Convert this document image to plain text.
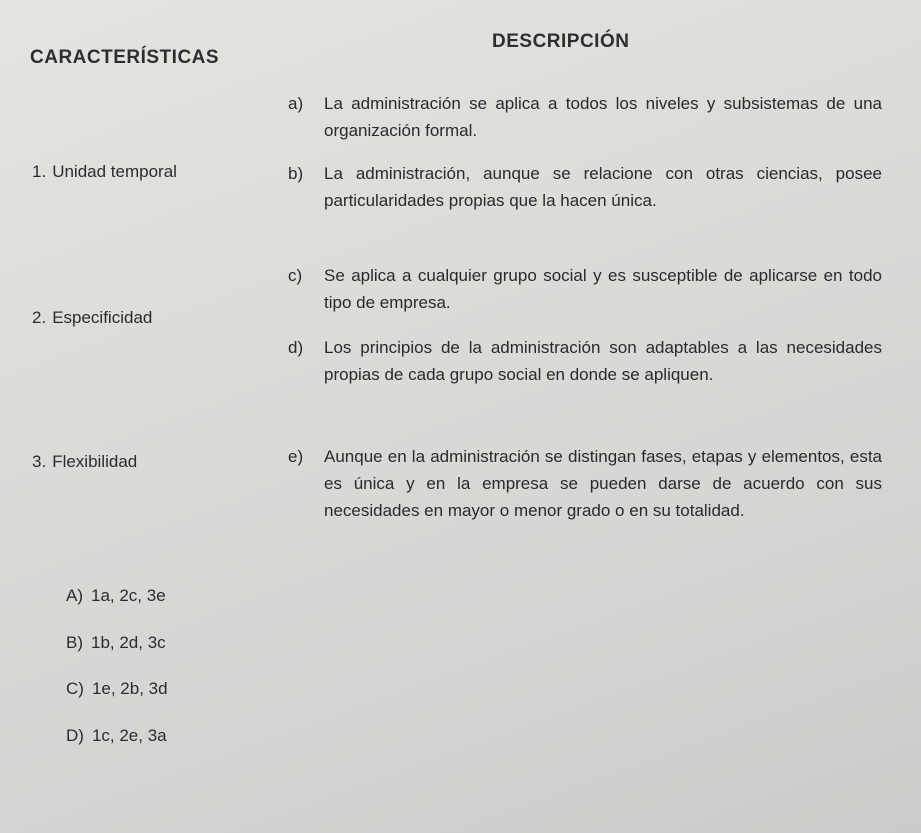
CARACTERÍSTICAS
DESCRIPCIÓN
1. Unidad temporal
2. Especificidad
3. Flexibilidad
a) La administración se aplica a todos los niveles y subsistemas de una organización formal.
b) La administración, aunque se relacione con otras ciencias, posee particularidades propias que la hacen única.
c) Se aplica a cualquier grupo social y es susceptible de aplicarse en todo tipo de empresa.
d) Los principios de la administración son adaptables a las necesidades propias de cada grupo social en donde se apliquen.
e) Aunque en la administración se distingan fases, etapas y elementos, esta es única y en la empresa se pueden darse de acuerdo con sus necesidades en mayor o menor grado o en su totalidad.
A) 1a, 2c, 3e
B) 1b, 2d, 3c
C) 1e, 2b, 3d
D) 1c, 2e, 3a
